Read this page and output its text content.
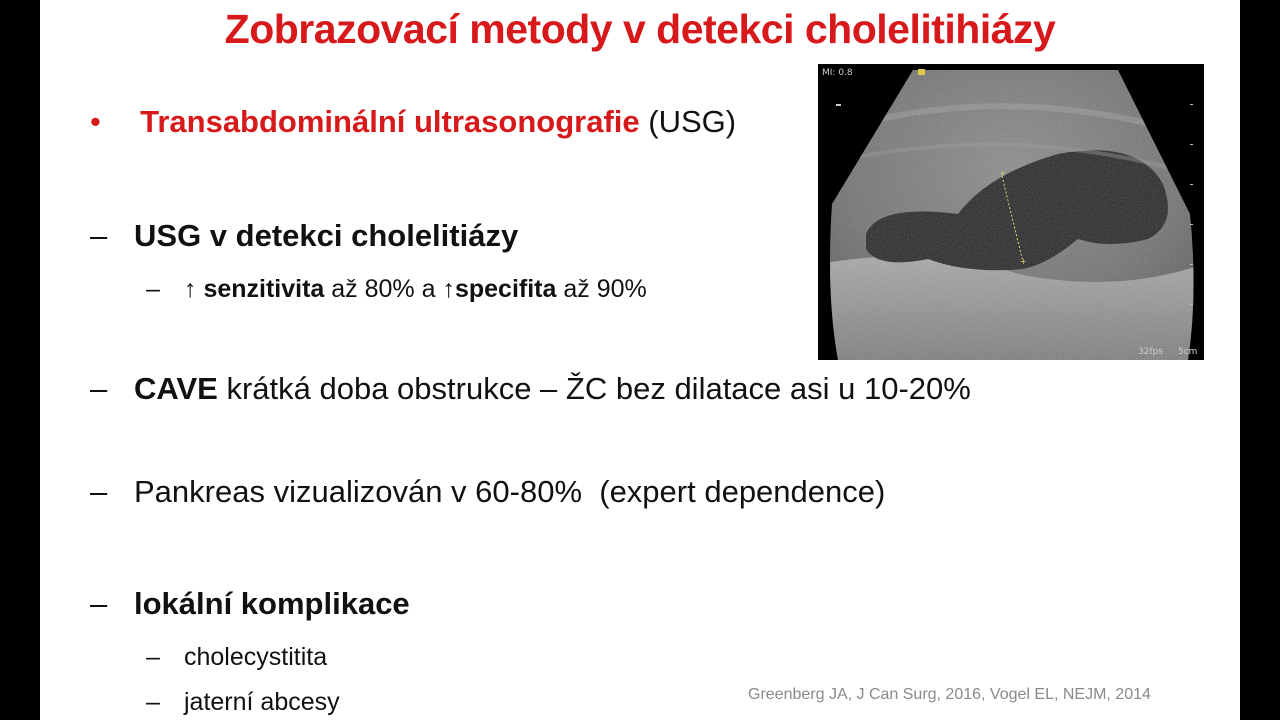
Zobrazovací metody v detekci cholelitihiázy
• Transabdominální ultrasonografie (USG)
– USG v detekci cholelitiázy
– ↑ senzitivita až 80% a ↑specifita až 90%
– CAVE krátká doba obstrukce – ŽC bez dilatace asi u 10-20%
– Pankreas vizualizován v 60-80%  (expert dependence)
– lokální komplikace
– cholecystitita
– jaterní abcesy
+
+
MI: 0.8
32fps 5cm
Greenberg JA, J Can Surg, 2016, Vogel EL, NEJM, 2014
